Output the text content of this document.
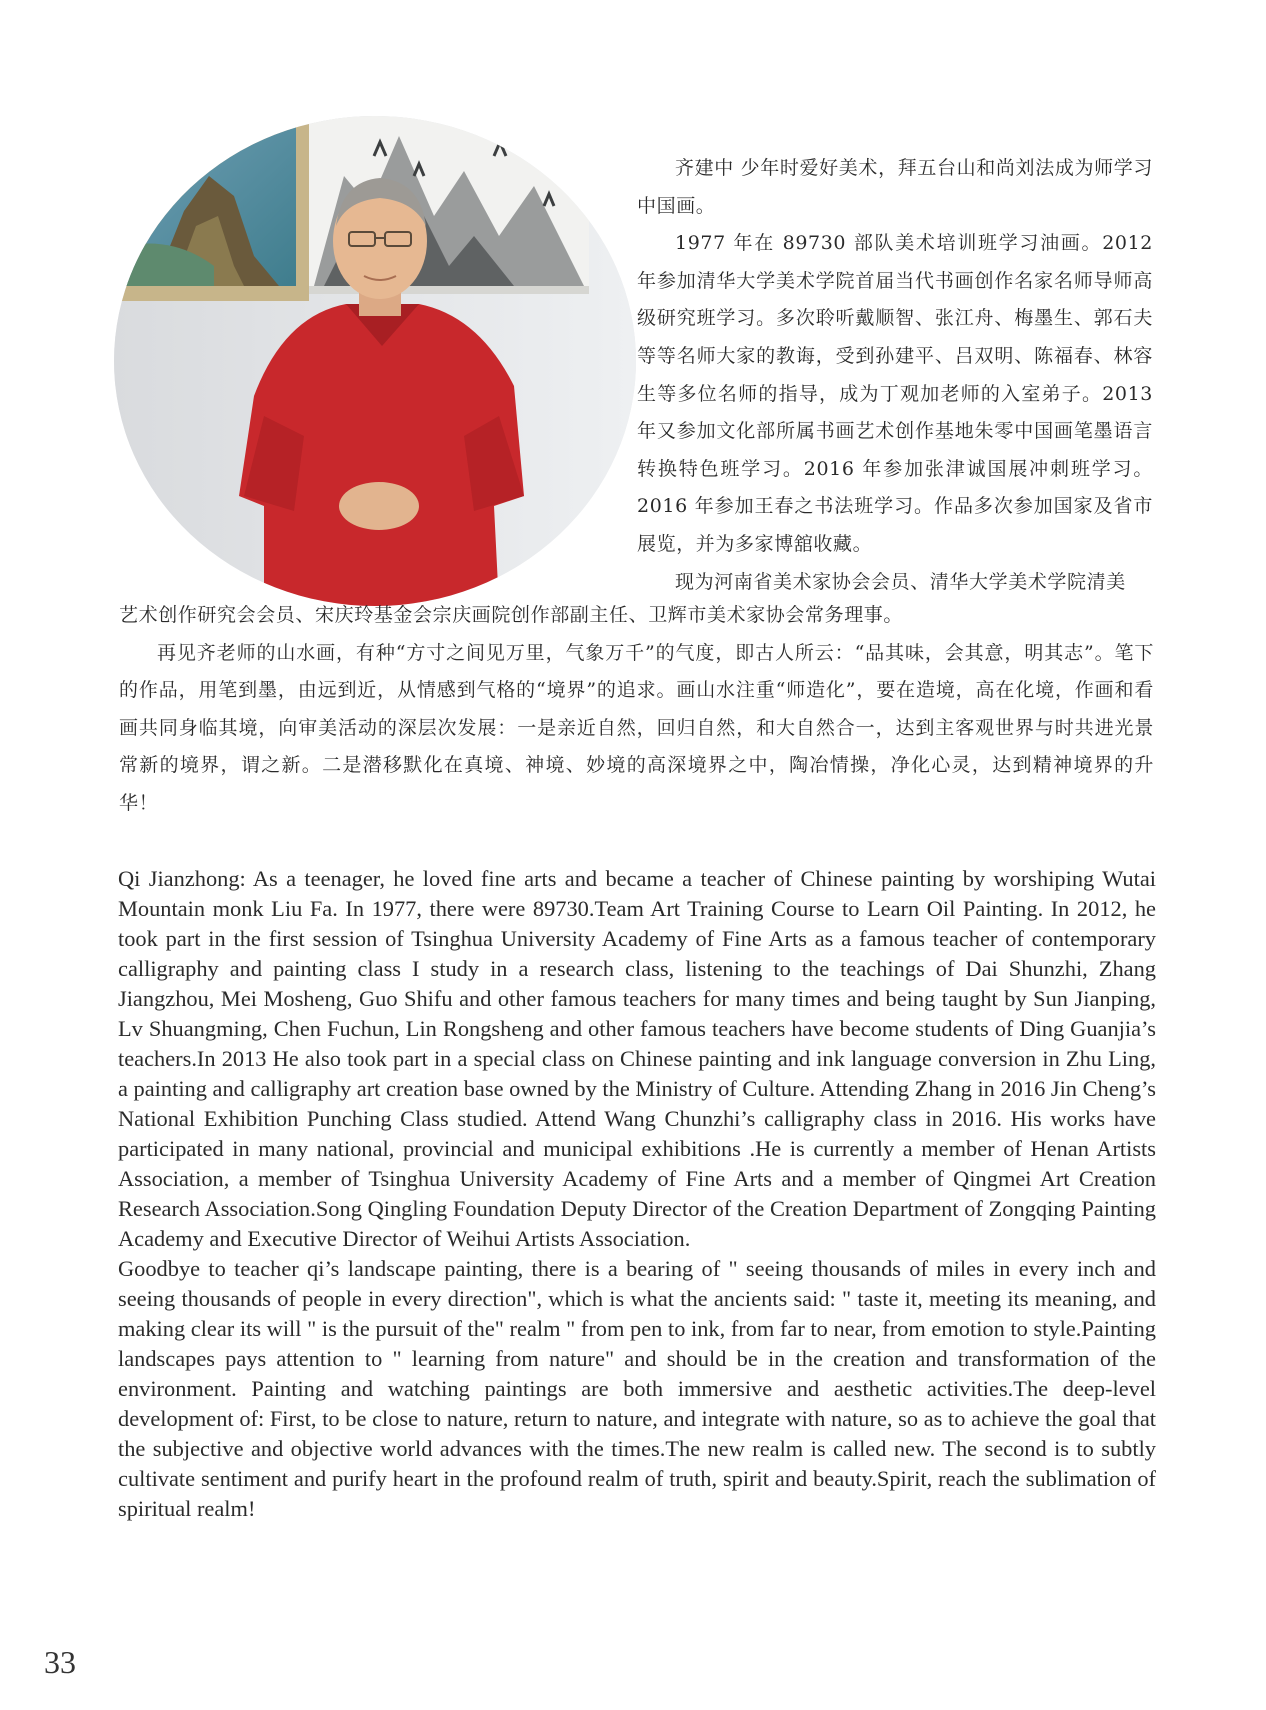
齐建中 少年时爱好美术，拜五台山和尚刘法成为师学习中国画。

1977 年在 89730 部队美术培训班学习油画。2012 年参加清华大学美术学院首届当代书画创作名家名师导师高级研究班学习。多次聆听戴顺智、张江舟、梅墨生、郭石夫等等名师大家的教诲，受到孙建平、吕双明、陈福春、林容生等多位名师的指导，成为丁观加老师的入室弟子。2013 年又参加文化部所属书画艺术创作基地朱零中国画笔墨语言转换特色班学习。2016 年参加张津诚国展冲刺班学习。2016 年参加王春之书法班学习。作品多次参加国家及省市展览，并为多家博舘收藏。

现为河南省美术家协会会员、清华大学美术学院清美

艺术创作研究会会员、宋庆玲基金会宗庆画院创作部副主任、卫辉市美术家协会常务理事。

再见齐老师的山水画，有种“方寸之间见万里，气象万千”的气度，即古人所云：“品其味，会其意，明其志”。笔下的作品，用笔到墨，由远到近，从情感到气格的“境界”的追求。画山水注重“师造化”，要在造境，高在化境，作画和看画共同身临其境，向审美活动的深层次发展：一是亲近自然，回归自然，和大自然合一，达到主客观世界与时共进光景常新的境界，谓之新。二是潜移默化在真境、神境、妙境的高深境界之中，陶冶情操，净化心灵，达到精神境界的升华！

Qi Jianzhong: As a teenager, he loved fine arts and became a teacher of Chinese painting by worshiping Wutai Mountain monk Liu Fa. In 1977, there were 89730.Team Art Training Course to Learn Oil Painting. In 2012, he took part in the first session of Tsinghua University Academy of Fine Arts as a famous teacher of contemporary calligraphy and painting class I study in a research class, listening to the teachings of Dai Shunzhi, Zhang Jiangzhou, Mei Mosheng, Guo Shifu and other famous teachers for many times and being taught by Sun Jianping, Lv Shuangming, Chen Fuchun, Lin Rongsheng and other famous teachers have become students of Ding Guanjia’s teachers.In 2013 He also took part in a special class on Chinese painting and ink language conversion in Zhu Ling, a painting and calligraphy art creation base owned by the Ministry of Culture. Attending Zhang in 2016 Jin Cheng’s National Exhibition Punching Class studied. Attend Wang Chunzhi’s calligraphy class in 2016. His works have participated in many national, provincial and municipal exhibitions .He is currently a member of Henan Artists Association, a member of Tsinghua University Academy of Fine Arts and a member of Qingmei Art Creation Research Association.Song Qingling Foundation Deputy Director of the Creation Department of Zongqing Painting Academy and Executive Director of Weihui Artists Association.

Goodbye to teacher qi’s landscape painting, there is a bearing of " seeing thousands of miles in every inch and seeing thousands of people in every direction", which is what the ancients said: " taste it, meeting its meaning, and making clear its will " is the pursuit of the" realm " from pen to ink, from far to near, from emotion to style.Painting landscapes pays attention to " learning from nature" and should be in the creation and transformation of the environment. Painting and watching paintings are both immersive and aesthetic activities.The deep-level development of: First, to be close to nature, return to nature, and integrate with nature, so as to achieve the goal that the subjective and objective world advances with the times.The new realm is called new. The second is to subtly cultivate sentiment and purify heart in the profound realm of truth, spirit and beauty.Spirit, reach the sublimation of spiritual realm!

33
